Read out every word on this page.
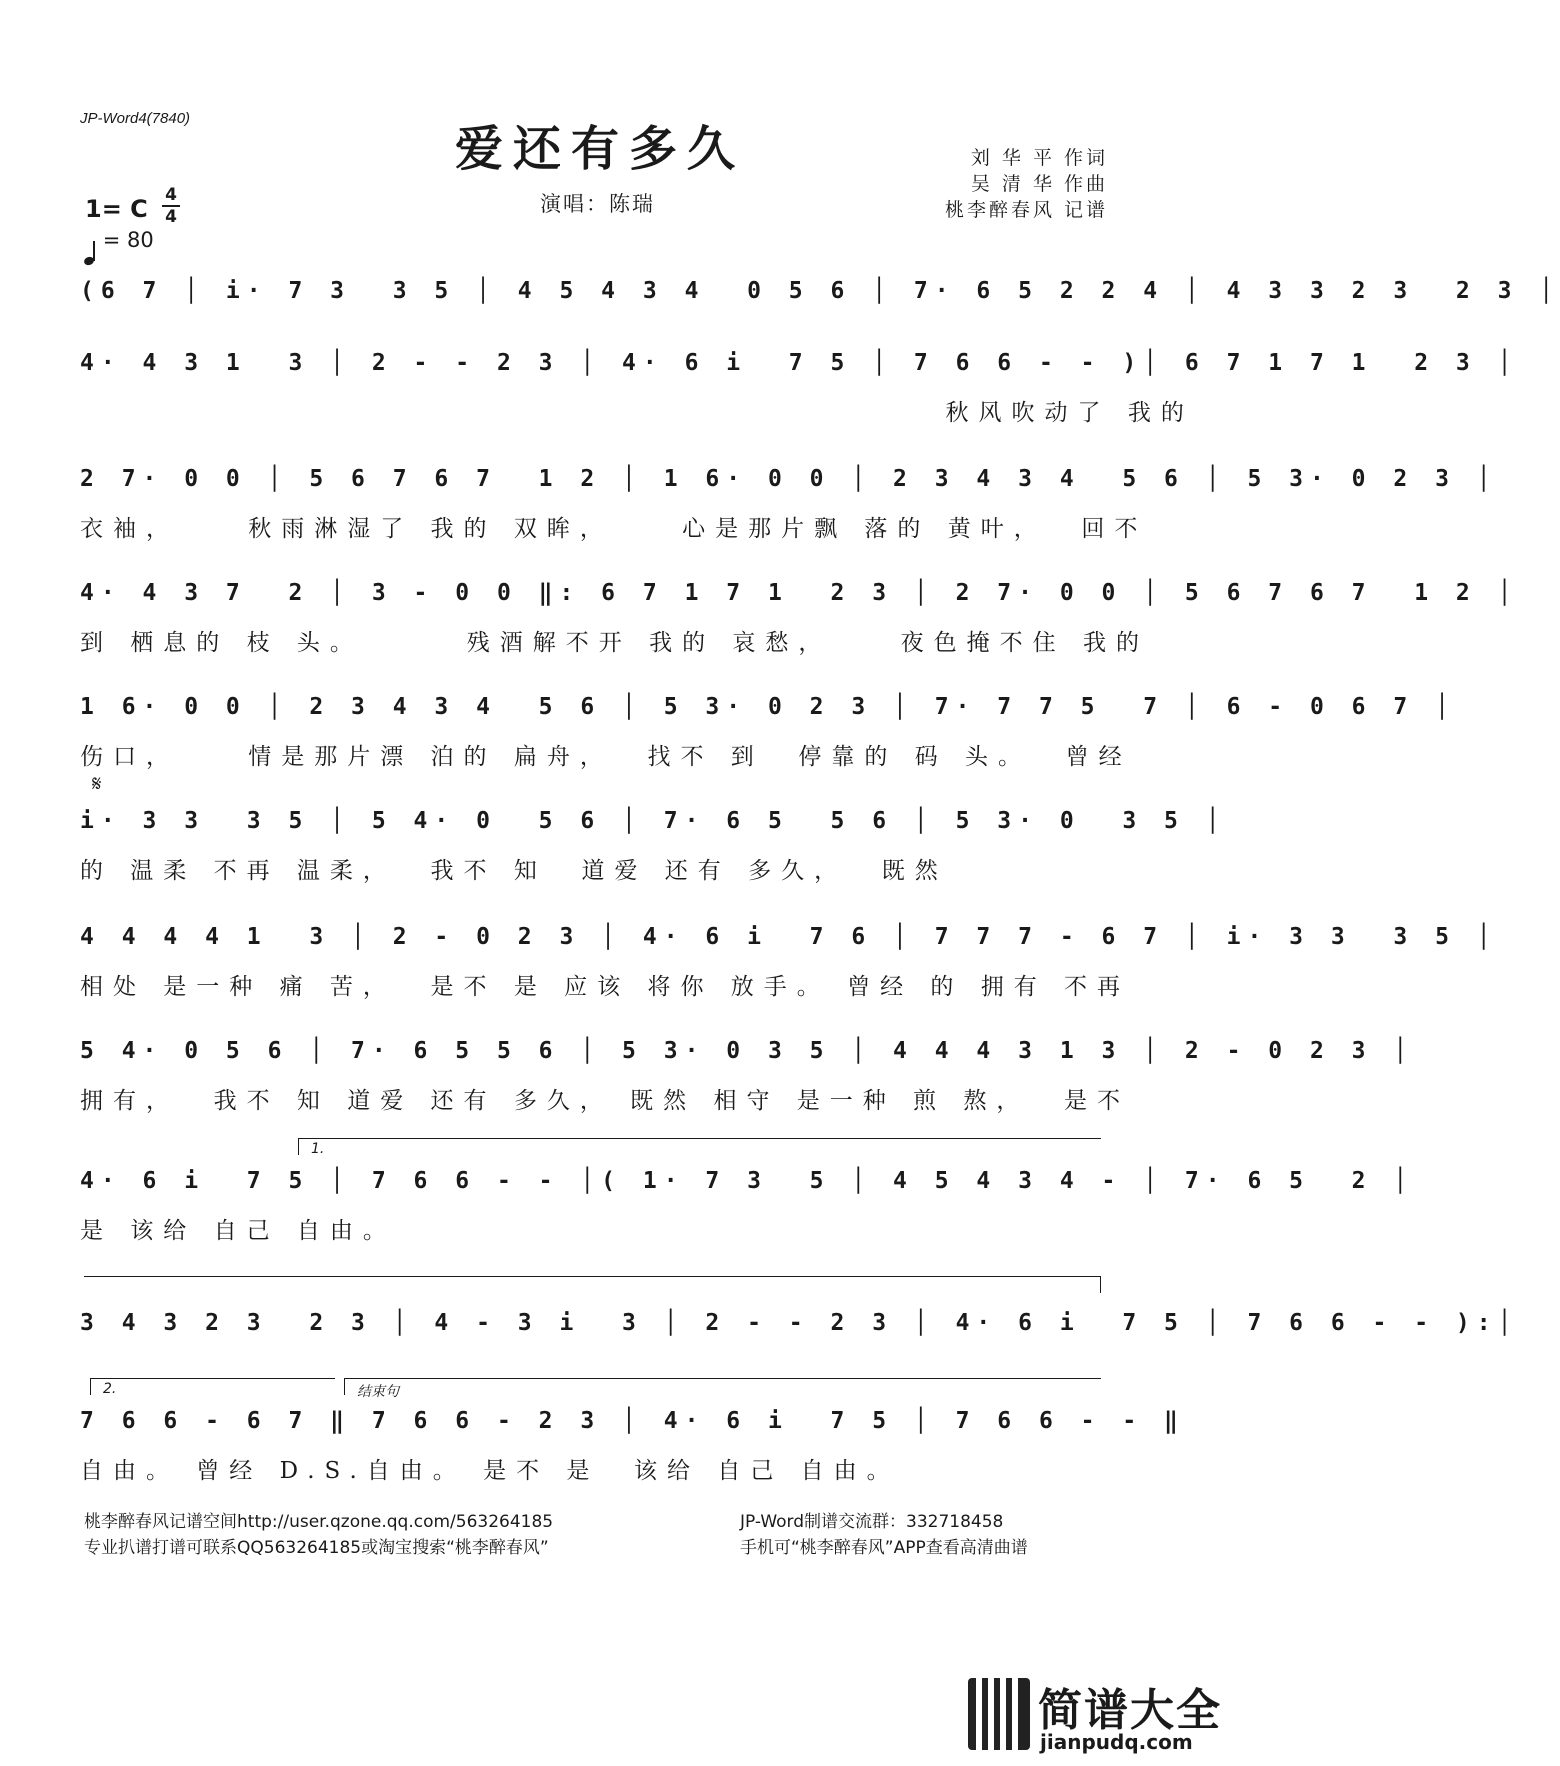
JP-Word4(7840)
爱还有多久
演唱：陈瑞
刘 华 平 作词
吴 清 华 作曲
桃李醉春风 记谱
1= C 4
4
= 80
𝄋
(6 7 │ i· 7 3  3 5 │ 4 5 4 3 4  0 5 6 │ 7· 6 5 2 2 4 │ 4 3 3 2 3  2 3 │
4· 4 3 1  3 │ 2 - - 2 3 │ 4· 6 i  7 5 │ 7 6 6 - - )│ 6 7 1 7 1  2 3 │
秋风吹动了 我的
2 7· 0 0 │ 5 6 7 6 7  1 2 │ 1 6· 0 0 │ 2 3 4 3 4  5 6 │ 5 3· 0 2 3 │
衣袖，    秋雨淋湿了 我的 双眸，    心是那片飘 落的 黄叶，  回不
4· 4 3 7  2 │ 3 - 0 0 ‖: 6 7 1 7 1  2 3 │ 2 7· 0 0 │ 5 6 7 6 7  1 2 │
到 栖息的 枝 头。      残酒解不开 我的 哀愁，    夜色掩不住 我的
1 6· 0 0 │ 2 3 4 3 4  5 6 │ 5 3· 0 2 3 │ 7· 7 7 5  7 │ 6 - 0 6 7 │
伤口，    情是那片漂 泊的 扁舟，  找不 到  停靠的 码 头。  曾经
i· 3 3  3 5 │ 5 4· 0  5 6 │ 7· 6 5  5 6 │ 5 3· 0  3 5 │
的 温柔 不再 温柔，  我不 知  道爱 还有 多久，  既然
4 4 4 4 1  3 │ 2 - 0 2 3 │ 4· 6 i  7 6 │ 7 7 7 - 6 7 │ i· 3 3  3 5 │
相处 是一种 痛 苦，  是不 是 应该 将你 放手。 曾经 的 拥有 不再
5 4· 0 5 6 │ 7· 6 5 5 6 │ 5 3· 0 3 5 │ 4 4 4 3 1 3 │ 2 - 0 2 3 │
拥有，  我不 知 道爱 还有 多久， 既然 相守 是一种 煎 熬，  是不
1.
4· 6 i  7 5 │ 7 6 6 - - │( 1· 7 3  5 │ 4 5 4 3 4 - │ 7· 6 5  2 │
是 该给 自己 自由。
3 4 3 2 3  2 3 │ 4 - 3 i  3 │ 2 - - 2 3 │ 4· 6 i  7 5 │ 7 6 6 - - ):│
2.	结束句
7 6 6 - 6 7 ‖ 7 6 6 - 2 3 │ 4· 6 i  7 5 │ 7 6 6 - - ‖
自由。 曾经 D.S.自由。 是不 是  该给 自己 自由。
桃李醉春风记谱空间http://user.qzone.qq.com/563264185
专业扒谱打谱可联系QQ563264185或淘宝搜索“桃李醉春风”
JP-Word制谱交流群：332718458
手机可“桃李醉春风”APP查看高清曲谱
简谱大全
jianpudq.com
